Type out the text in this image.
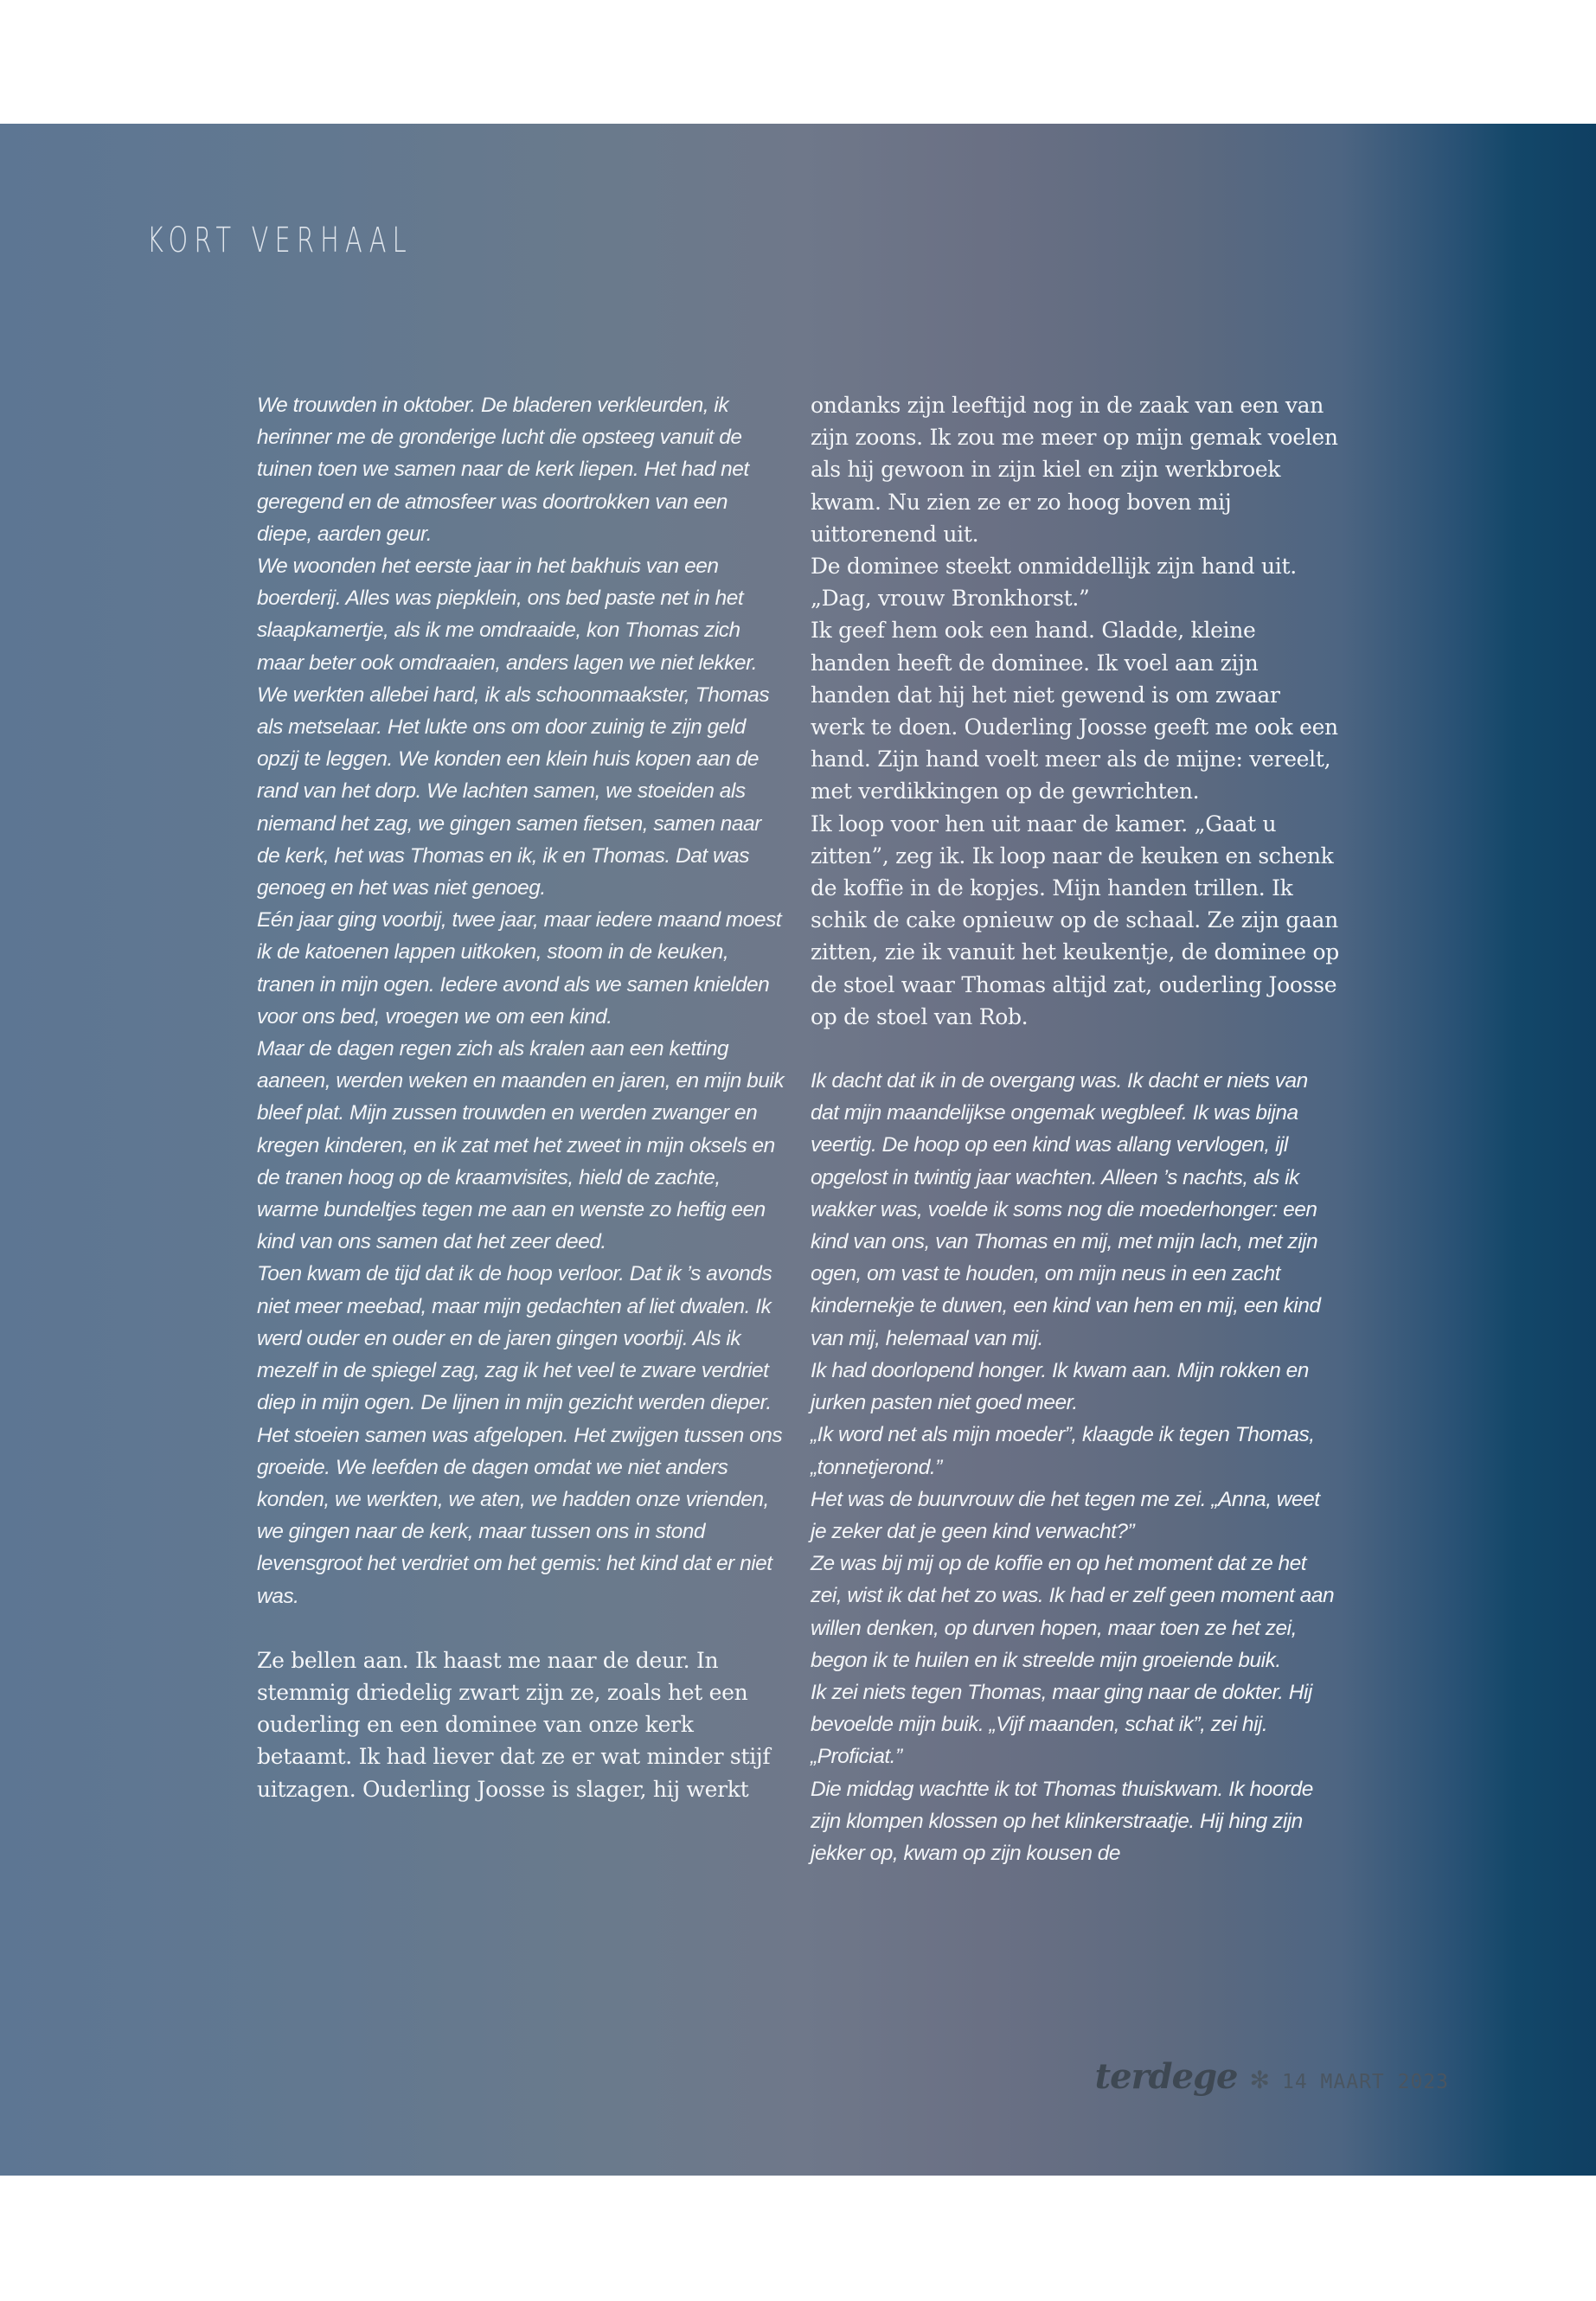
KORT VERHAAL

We trouwden in oktober. De bladeren verkleurden, ik herinner me de gronderige lucht die opsteeg vanuit de tuinen toen we samen naar de kerk liepen. Het had net geregend en de atmosfeer was doortrokken van een diepe, aarden geur.

We woonden het eerste jaar in het bakhuis van een boerderij. Alles was piepklein, ons bed paste net in het slaapkamertje, als ik me omdraaide, kon Thomas zich maar beter ook omdraaien, anders lagen we niet lekker.

We werkten allebei hard, ik als schoonmaakster, Thomas als metselaar. Het lukte ons om door zuinig te zijn geld opzij te leggen. We konden een klein huis kopen aan de rand van het dorp. We lachten samen, we stoeiden als niemand het zag, we gingen samen fietsen, samen naar de kerk, het was Thomas en ik, ik en Thomas. Dat was genoeg en het was niet genoeg.

Eén jaar ging voorbij, twee jaar, maar iedere maand moest ik de katoenen lappen uitkoken, stoom in de keuken, tranen in mijn ogen. Iedere avond als we samen knielden voor ons bed, vroegen we om een kind.

Maar de dagen regen zich als kralen aan een ketting aaneen, werden weken en maanden en jaren, en mijn buik bleef plat. Mijn zussen trouwden en werden zwanger en kregen kinderen, en ik zat met het zweet in mijn oksels en de tranen hoog op de kraamvisites, hield de zachte, warme bundeltjes tegen me aan en wenste zo heftig een kind van ons samen dat het zeer deed.

Toen kwam de tijd dat ik de hoop verloor. Dat ik ’s avonds niet meer meebad, maar mijn gedachten af liet dwalen. Ik werd ouder en ouder en de jaren gingen voorbij. Als ik mezelf in de spiegel zag, zag ik het veel te zware verdriet diep in mijn ogen. De lijnen in mijn gezicht werden dieper. Het stoeien samen was afgelopen. Het zwijgen tussen ons groeide. We leefden de dagen omdat we niet anders konden, we werkten, we aten, we hadden onze vrienden, we gingen naar de kerk, maar tussen ons in stond levensgroot het verdriet om het gemis: het kind dat er niet was.

Ze bellen aan. Ik haast me naar de deur. In stemmig driedelig zwart zijn ze, zoals het een ouderling en een dominee van onze kerk betaamt. Ik had liever dat ze er wat minder stijf uitzagen. Ouderling Joosse is slager, hij werkt

ondanks zijn leeftijd nog in de zaak van een van zijn zoons. Ik zou me meer op mijn gemak voelen als hij gewoon in zijn kiel en zijn werkbroek kwam. Nu zien ze er zo hoog boven mij uittorenend uit.

De dominee steekt onmiddellijk zijn hand uit. „Dag, vrouw Bronkhorst.”

Ik geef hem ook een hand. Gladde, kleine handen heeft de dominee. Ik voel aan zijn handen dat hij het niet gewend is om zwaar werk te doen. Ouderling Joosse geeft me ook een hand. Zijn hand voelt meer als de mijne: vereelt, met verdikkingen op de gewrichten.

Ik loop voor hen uit naar de kamer. „Gaat u zitten”, zeg ik. Ik loop naar de keuken en schenk de koffie in de kopjes. Mijn handen trillen. Ik schik de cake opnieuw op de schaal. Ze zijn gaan zitten, zie ik vanuit het keukentje, de dominee op de stoel waar Thomas altijd zat, ouderling Joosse op de stoel van Rob.

Ik dacht dat ik in de overgang was. Ik dacht er niets van dat mijn maandelijkse ongemak wegbleef. Ik was bijna veertig. De hoop op een kind was allang vervlogen, ijl opgelost in twintig jaar wachten. Alleen ’s nachts, als ik wakker was, voelde ik soms nog die moederhonger: een kind van ons, van Thomas en mij, met mijn lach, met zijn ogen, om vast te houden, om mijn neus in een zacht kindernekje te duwen, een kind van hem en mij, een kind van mij, helemaal van mij.

Ik had doorlopend honger. Ik kwam aan. Mijn rokken en jurken pasten niet goed meer.

„Ik word net als mijn moeder”, klaagde ik tegen Thomas, „tonnetjerond.”

Het was de buurvrouw die het tegen me zei. „Anna, weet je zeker dat je geen kind verwacht?”

Ze was bij mij op de koffie en op het moment dat ze het zei, wist ik dat het zo was. Ik had er zelf geen moment aan willen denken, op durven hopen, maar toen ze het zei, begon ik te huilen en ik streelde mijn groeiende buik.

Ik zei niets tegen Thomas, maar ging naar de dokter. Hij bevoelde mijn buik. „Vijf maanden, schat ik”, zei hij. „Proficiat.”

Die middag wachtte ik tot Thomas thuiskwam. Ik hoorde zijn klompen klossen op het klinkerstraatje. Hij hing zijn jekker op, kwam op zijn kousen de

terdege ✻ 14 MAART 2023
